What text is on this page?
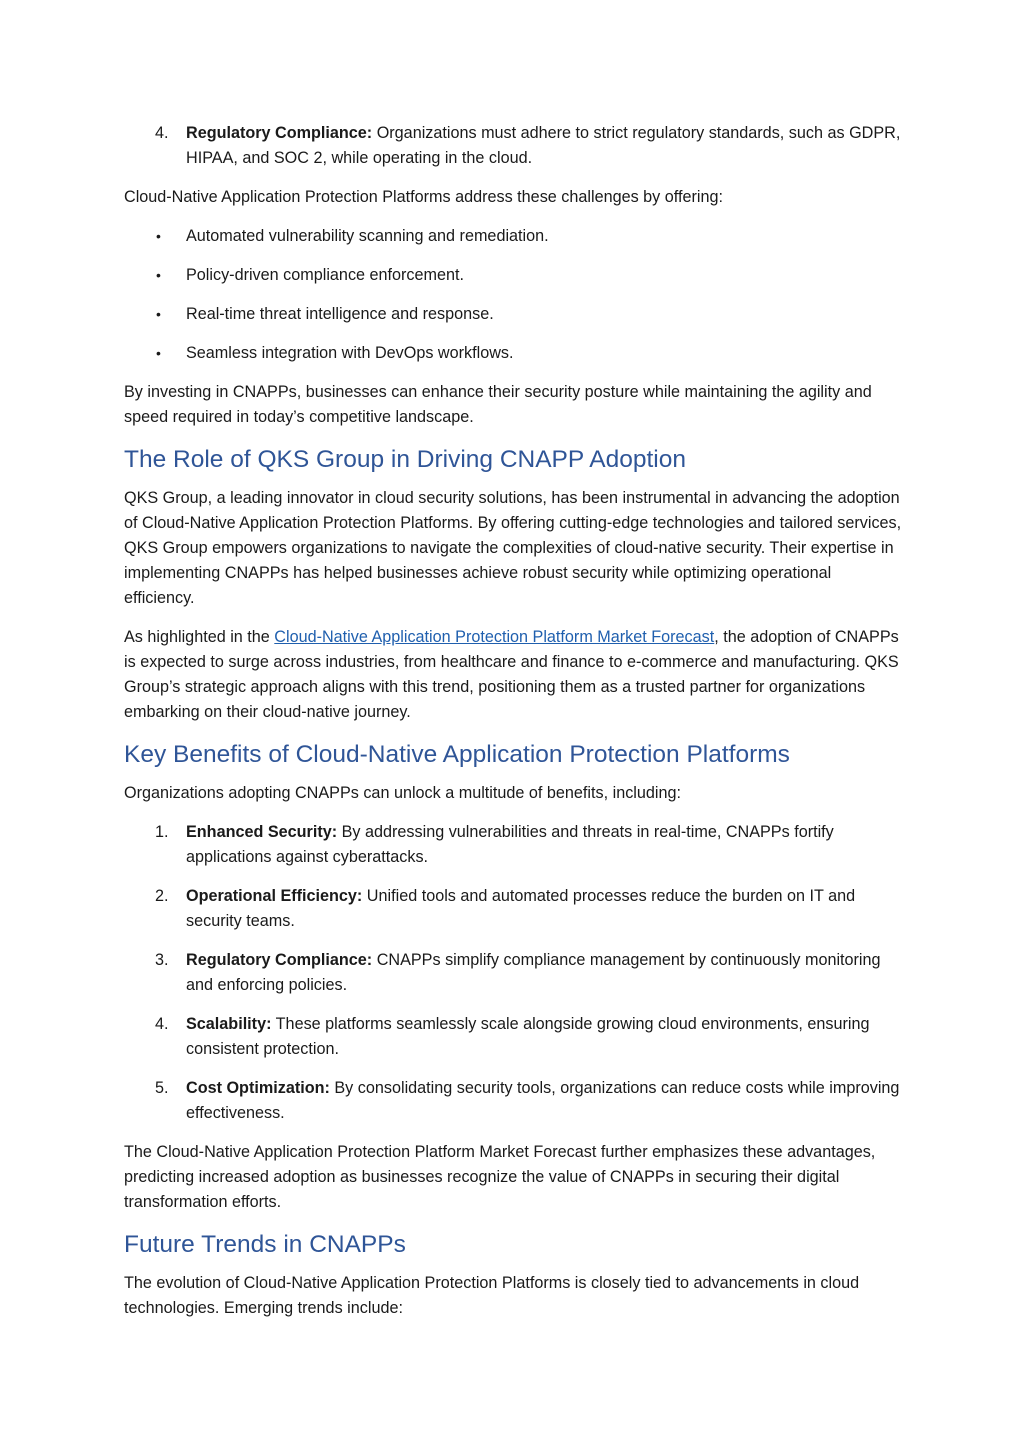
4. Regulatory Compliance: Organizations must adhere to strict regulatory standards, such as GDPR, HIPAA, and SOC 2, while operating in the cloud.

Cloud-Native Application Protection Platforms address these challenges by offering:

• Automated vulnerability scanning and remediation.
• Policy-driven compliance enforcement.
• Real-time threat intelligence and response.
• Seamless integration with DevOps workflows.

By investing in CNAPPs, businesses can enhance their security posture while maintaining the agility and speed required in today’s competitive landscape.

The Role of QKS Group in Driving CNAPP Adoption

QKS Group, a leading innovator in cloud security solutions, has been instrumental in advancing the adoption of Cloud-Native Application Protection Platforms. By offering cutting-edge technologies and tailored services, QKS Group empowers organizations to navigate the complexities of cloud-native security. Their expertise in implementing CNAPPs has helped businesses achieve robust security while optimizing operational efficiency.

As highlighted in the Cloud-Native Application Protection Platform Market Forecast, the adoption of CNAPPs is expected to surge across industries, from healthcare and finance to e-commerce and manufacturing. QKS Group’s strategic approach aligns with this trend, positioning them as a trusted partner for organizations embarking on their cloud-native journey.

Key Benefits of Cloud-Native Application Protection Platforms

Organizations adopting CNAPPs can unlock a multitude of benefits, including:

1. Enhanced Security: By addressing vulnerabilities and threats in real-time, CNAPPs fortify applications against cyberattacks.
2. Operational Efficiency: Unified tools and automated processes reduce the burden on IT and security teams.
3. Regulatory Compliance: CNAPPs simplify compliance management by continuously monitoring and enforcing policies.
4. Scalability: These platforms seamlessly scale alongside growing cloud environments, ensuring consistent protection.
5. Cost Optimization: By consolidating security tools, organizations can reduce costs while improving effectiveness.

The Cloud-Native Application Protection Platform Market Forecast further emphasizes these advantages, predicting increased adoption as businesses recognize the value of CNAPPs in securing their digital transformation efforts.

Future Trends in CNAPPs

The evolution of Cloud-Native Application Protection Platforms is closely tied to advancements in cloud technologies. Emerging trends include:
